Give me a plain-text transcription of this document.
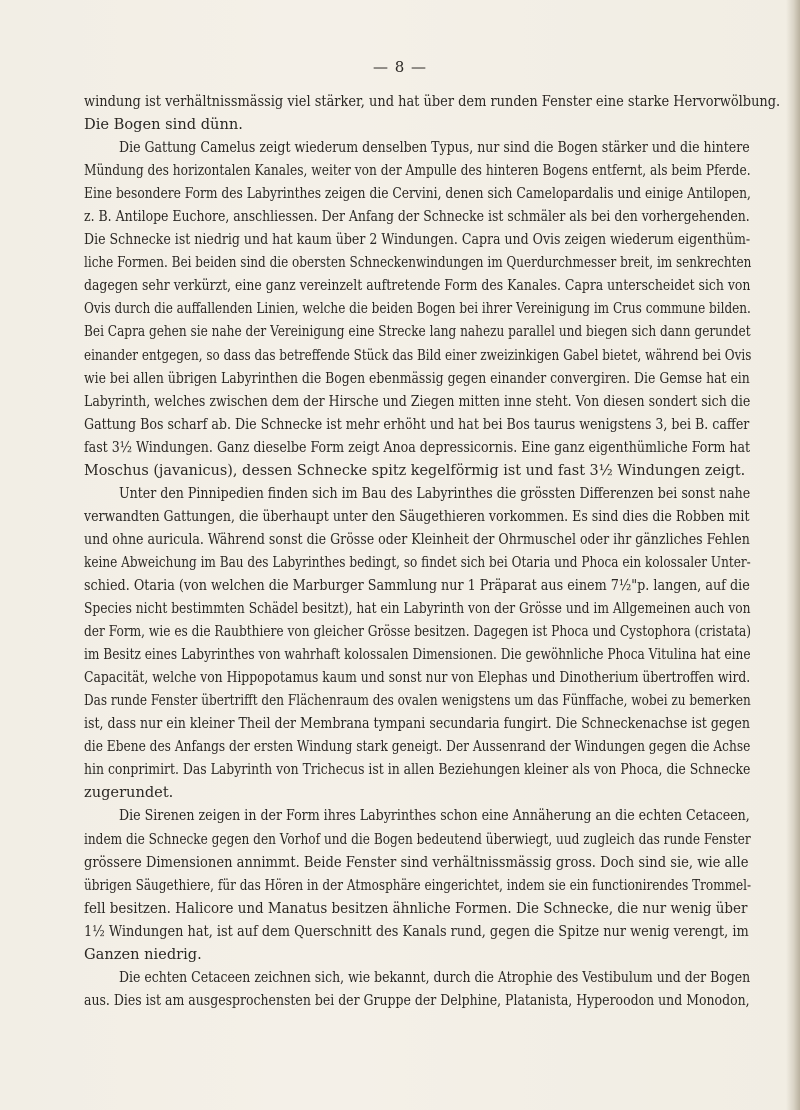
— 8 —

windung ist verhältnissmässig viel stärker, und hat über dem runden Fenster eine starke Hervorwölbung.
Die Bogen sind dünn.

Die Gattung Camelus zeigt wiederum denselben Typus, nur sind die Bogen stärker und die hintere
Mündung des horizontalen Kanales, weiter von der Ampulle des hinteren Bogens entfernt, als beim Pferde.
Eine besondere Form des Labyrinthes zeigen die Cervini, denen sich Camelopardalis und einige Antilopen,
z. B. Antilope Euchore, anschliessen. Der Anfang der Schnecke ist schmäler als bei den vorhergehenden.
Die Schnecke ist niedrig und hat kaum über 2 Windungen. Capra und Ovis zeigen wiederum eigenthüm-
liche Formen. Bei beiden sind die obersten Schneckenwindungen im Querdurchmesser breit, im senkrechten
dagegen sehr verkürzt, eine ganz vereinzelt auftretende Form des Kanales. Capra unterscheidet sich von
Ovis durch die auffallenden Linien, welche die beiden Bogen bei ihrer Vereinigung im Crus commune bilden.
Bei Capra gehen sie nahe der Vereinigung eine Strecke lang nahezu parallel und biegen sich dann gerundet
einander entgegen, so dass das betreffende Stück das Bild einer zweizinkigen Gabel bietet, während bei Ovis
wie bei allen übrigen Labyrinthen die Bogen ebenmässig gegen einander convergiren. Die Gemse hat ein
Labyrinth, welches zwischen dem der Hirsche und Ziegen mitten inne steht. Von diesen sondert sich die
Gattung Bos scharf ab. Die Schnecke ist mehr erhöht und hat bei Bos taurus wenigstens 3, bei B. caffer
fast 3½ Windungen. Ganz dieselbe Form zeigt Anoa depressicornis. Eine ganz eigenthümliche Form hat
Moschus (javanicus), dessen Schnecke spitz kegelförmig ist und fast 3½ Windungen zeigt.

Unter den Pinnipedien finden sich im Bau des Labyrinthes die grössten Differenzen bei sonst nahe
verwandten Gattungen, die überhaupt unter den Säugethieren vorkommen. Es sind dies die Robben mit
und ohne auricula. Während sonst die Grösse oder Kleinheit der Ohrmuschel oder ihr gänzliches Fehlen
keine Abweichung im Bau des Labyrinthes bedingt, so findet sich bei Otaria und Phoca ein kolossaler Unter-
schied. Otaria (von welchen die Marburger Sammlung nur 1 Präparat aus einem 7½"p. langen, auf die
Species nicht bestimmten Schädel besitzt), hat ein Labyrinth von der Grösse und im Allgemeinen auch von
der Form, wie es die Raubthiere von gleicher Grösse besitzen. Dagegen ist Phoca und Cystophora (cristata)
im Besitz eines Labyrinthes von wahrhaft kolossalen Dimensionen. Die gewöhnliche Phoca Vitulina hat eine
Capacität, welche von Hippopotamus kaum und sonst nur von Elephas und Dinotherium übertroffen wird.
Das runde Fenster übertrifft den Flächenraum des ovalen wenigstens um das Fünffache, wobei zu bemerken
ist, dass nur ein kleiner Theil der Membrana tympani secundaria fungirt. Die Schneckenachse ist gegen
die Ebene des Anfangs der ersten Windung stark geneigt. Der Aussenrand der Windungen gegen die Achse
hin conprimirt. Das Labyrinth von Trichecus ist in allen Beziehungen kleiner als von Phoca, die Schnecke
zugerundet.

Die Sirenen zeigen in der Form ihres Labyrinthes schon eine Annäherung an die echten Cetaceen,
indem die Schnecke gegen den Vorhof und die Bogen bedeutend überwiegt, uud zugleich das runde Fenster
grössere Dimensionen annimmt. Beide Fenster sind verhältnissmässig gross. Doch sind sie, wie alle
übrigen Säugethiere, für das Hören in der Atmosphäre eingerichtet, indem sie ein functionirendes Trommel-
fell besitzen. Halicore und Manatus besitzen ähnliche Formen. Die Schnecke, die nur wenig über
1½ Windungen hat, ist auf dem Querschnitt des Kanals rund, gegen die Spitze nur wenig verengt, im
Ganzen niedrig.

Die echten Cetaceen zeichnen sich, wie bekannt, durch die Atrophie des Vestibulum und der Bogen
aus. Dies ist am ausgesprochensten bei der Gruppe der Delphine, Platanista, Hyperoodon und Monodon,
